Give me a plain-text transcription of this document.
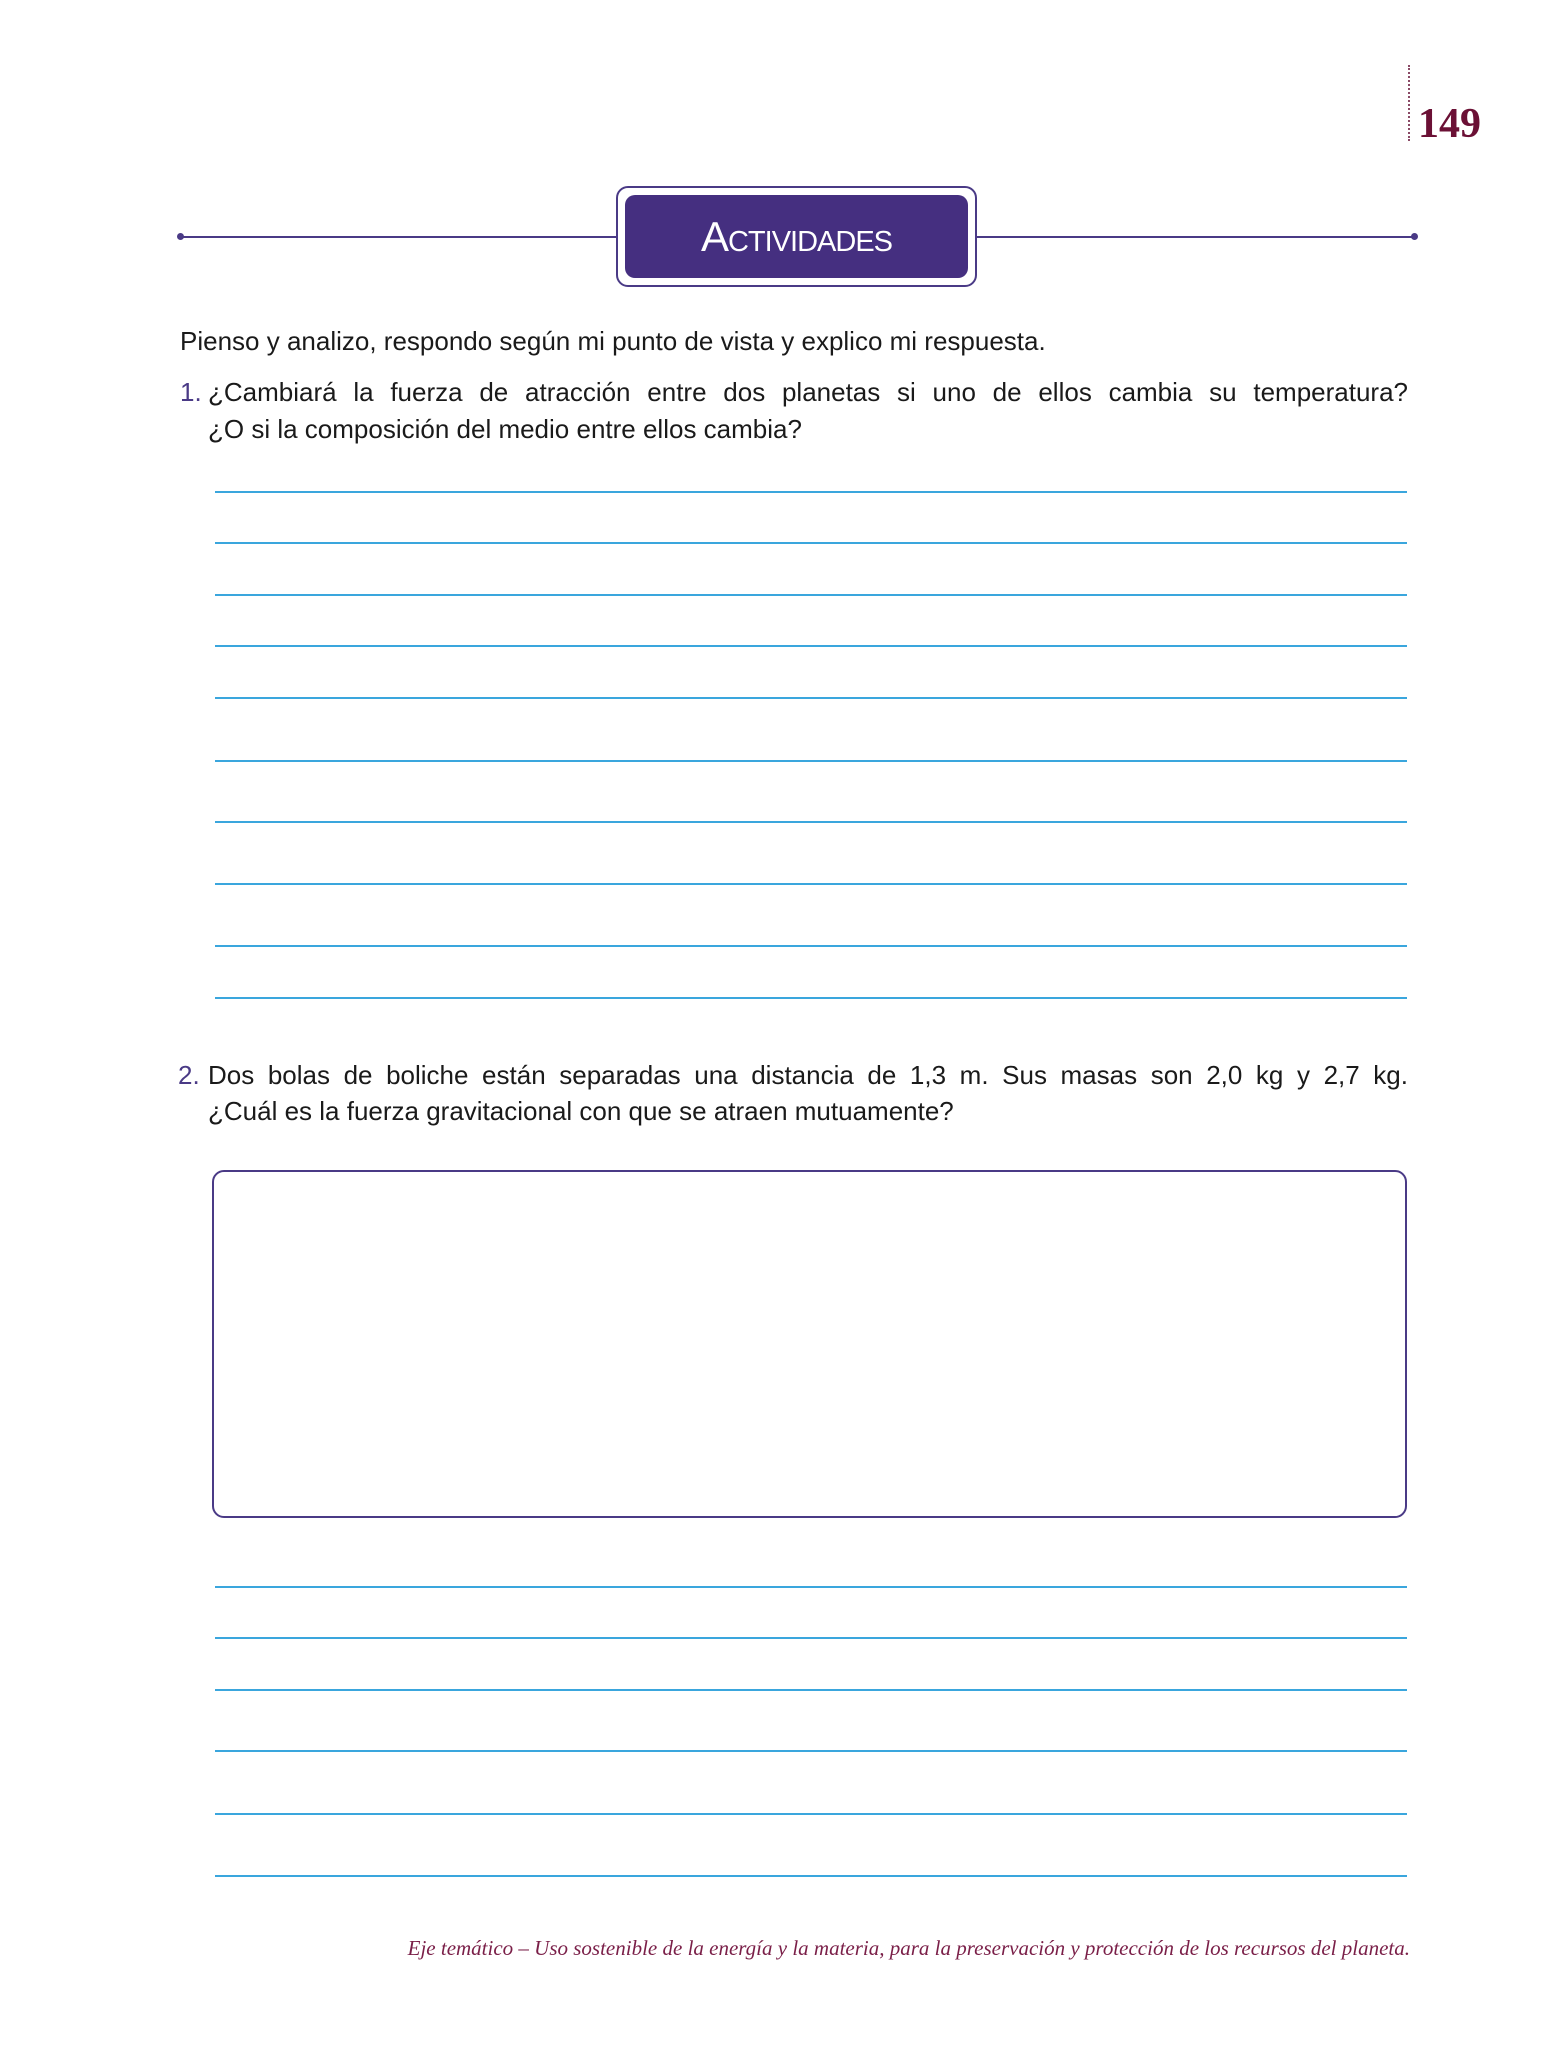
149
Actividades
Pienso y analizo, respondo según mi punto de vista y explico mi respuesta.
1. ¿Cambiará la fuerza de atracción entre dos planetas si uno de ellos cambia su temperatura?
¿O si la composición del medio entre ellos cambia?
2. Dos bolas de boliche están separadas una distancia de 1,3 m. Sus masas son 2,0 kg y 2,7 kg.
¿Cuál es la fuerza gravitacional con que se atraen mutuamente?
Eje temático – Uso sostenible de la energía y la materia, para la preservación y protección de los recursos del planeta.
